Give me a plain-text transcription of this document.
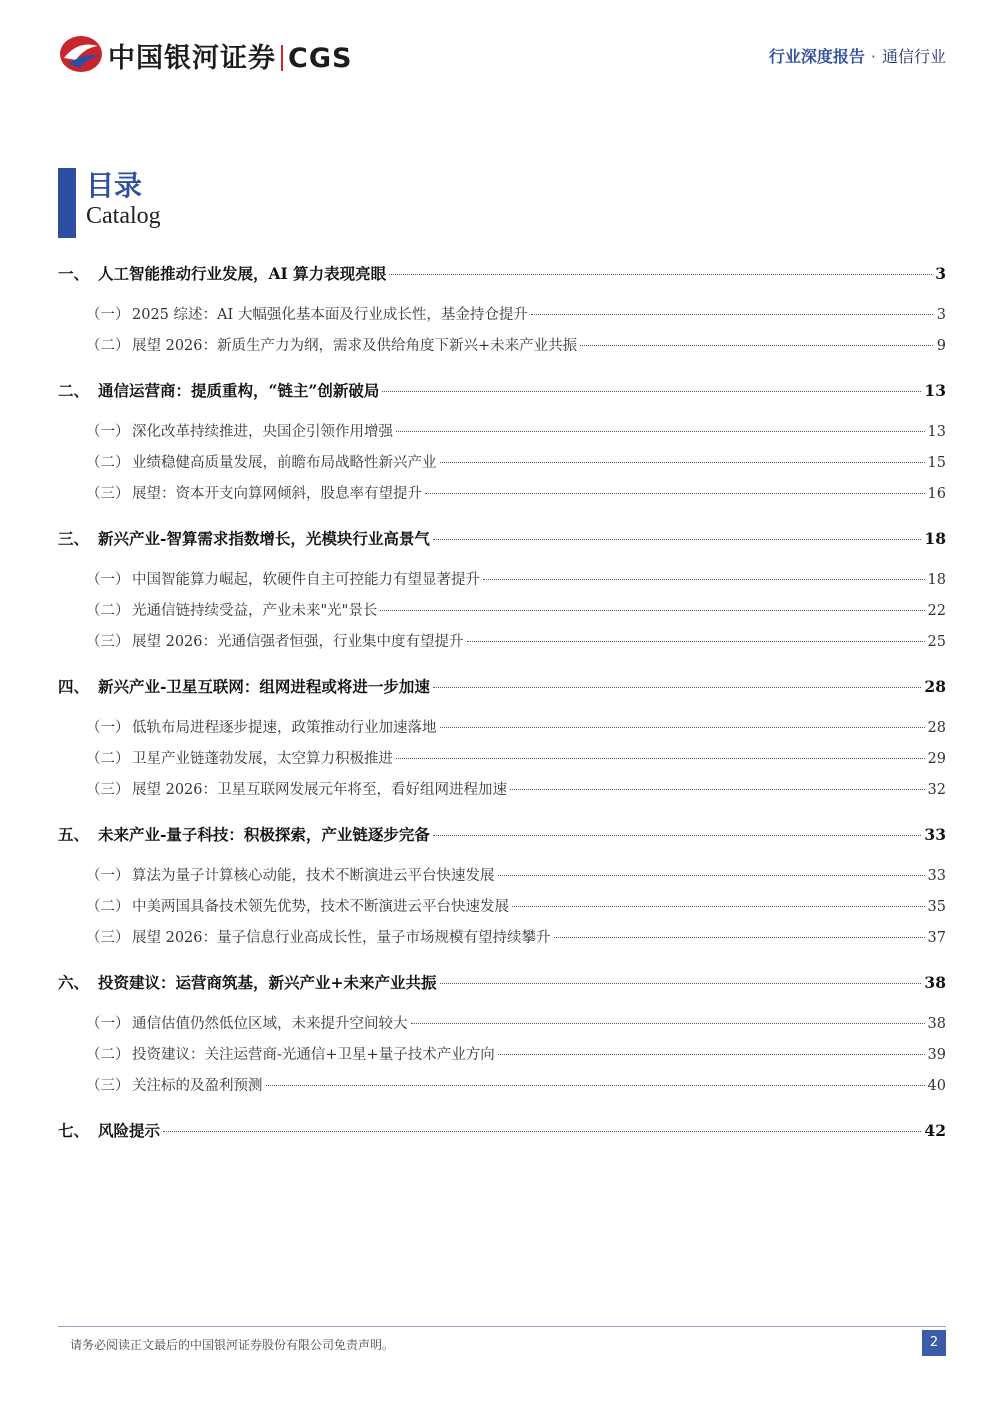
中国银河证券 CGS	行业深度报告 · 通信行业
目录
Catalog
一、 人工智能推动行业发展，AI 算力表现亮眼	3
（一） 2025 综述：AI 大幅强化基本面及行业成长性，基金持仓提升	3
（二） 展望 2026：新质生产力为纲，需求及供给角度下新兴+未来产业共振	9
二、 通信运营商：提质重构，“链主”创新破局	13
（一） 深化改革持续推进，央国企引领作用增强	13
（二） 业绩稳健高质量发展，前瞻布局战略性新兴产业	15
（三） 展望：资本开支向算网倾斜，股息率有望提升	16
三、 新兴产业-智算需求指数增长，光模块行业高景气	18
（一） 中国智能算力崛起，软硬件自主可控能力有望显著提升	18
（二） 光通信链持续受益，产业未来"光"景长	22
（三） 展望 2026：光通信强者恒强，行业集中度有望提升	25
四、 新兴产业-卫星互联网：组网进程或将进一步加速	28
（一） 低轨布局进程逐步提速，政策推动行业加速落地	28
（二） 卫星产业链蓬勃发展，太空算力积极推进	29
（三） 展望 2026：卫星互联网发展元年将至，看好组网进程加速	32
五、 未来产业-量子科技：积极探索，产业链逐步完备	33
（一） 算法为量子计算核心动能，技术不断演进云平台快速发展	33
（二） 中美两国具备技术领先优势，技术不断演进云平台快速发展	35
（三） 展望 2026：量子信息行业高成长性，量子市场规模有望持续攀升	37
六、 投资建议：运营商筑基，新兴产业+未来产业共振	38
（一） 通信估值仍然低位区域，未来提升空间较大	38
（二） 投资建议：关注运营商-光通信+卫星+量子技术产业方向	39
（三） 关注标的及盈利预测	40
七、 风险提示	42
请务必阅读正文最后的中国银河证券股份有限公司免责声明。	2
